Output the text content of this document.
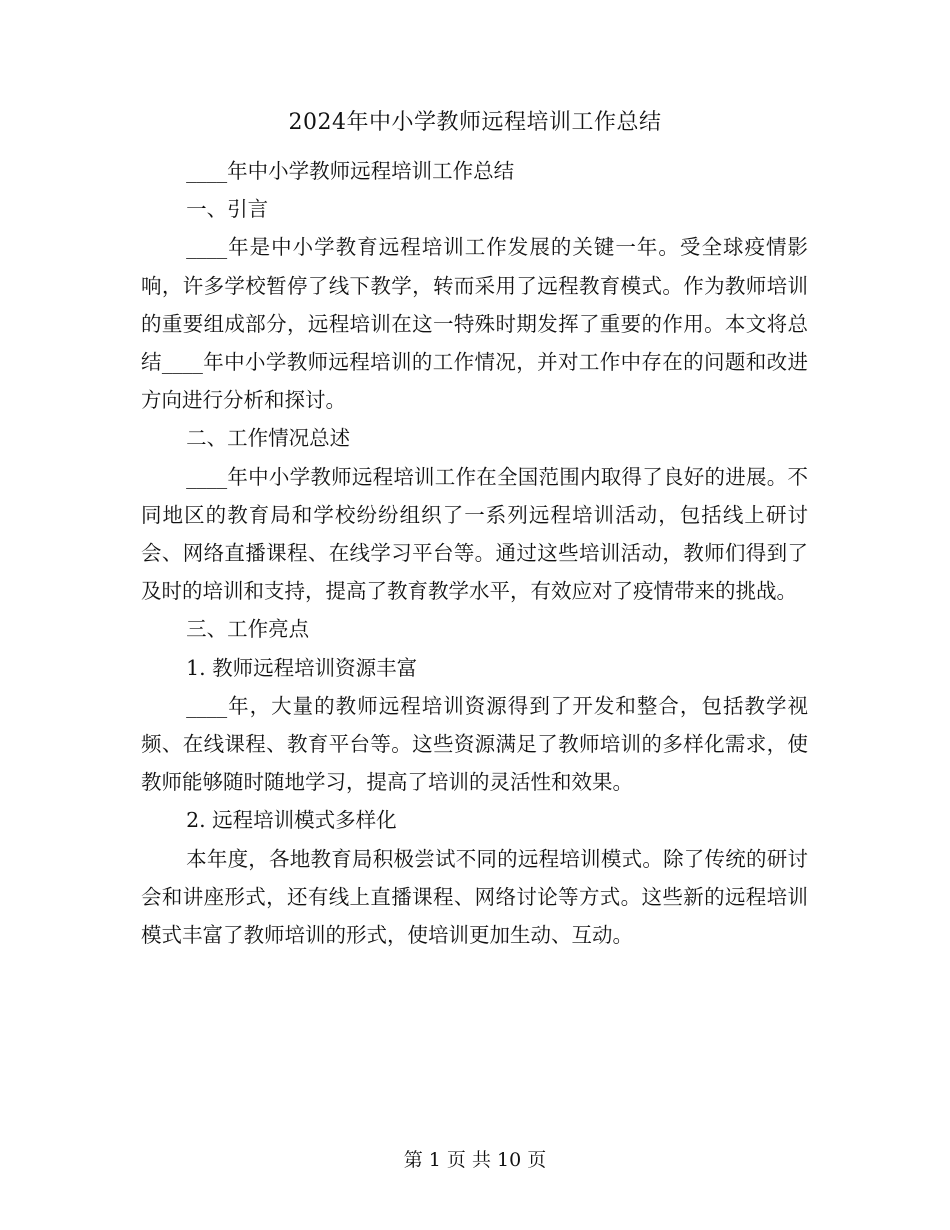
2024年中小学教师远程培训工作总结

____年中小学教师远程培训工作总结

一、引言

____年是中小学教育远程培训工作发展的关键一年。受全球疫情影响，许多学校暂停了线下教学，转而采用了远程教育模式。作为教师培训的重要组成部分，远程培训在这一特殊时期发挥了重要的作用。本文将总结____年中小学教师远程培训的工作情况，并对工作中存在的问题和改进方向进行分析和探讨。

二、工作情况总述

____年中小学教师远程培训工作在全国范围内取得了良好的进展。不同地区的教育局和学校纷纷组织了一系列远程培训活动，包括线上研讨会、网络直播课程、在线学习平台等。通过这些培训活动，教师们得到了及时的培训和支持，提高了教育教学水平，有效应对了疫情带来的挑战。

三、工作亮点

1. 教师远程培训资源丰富

____年，大量的教师远程培训资源得到了开发和整合，包括教学视频、在线课程、教育平台等。这些资源满足了教师培训的多样化需求，使教师能够随时随地学习，提高了培训的灵活性和效果。

2. 远程培训模式多样化

本年度，各地教育局积极尝试不同的远程培训模式。除了传统的研讨会和讲座形式，还有线上直播课程、网络讨论等方式。这些新的远程培训模式丰富了教师培训的形式，使培训更加生动、互动。

第 1 页 共 10 页
